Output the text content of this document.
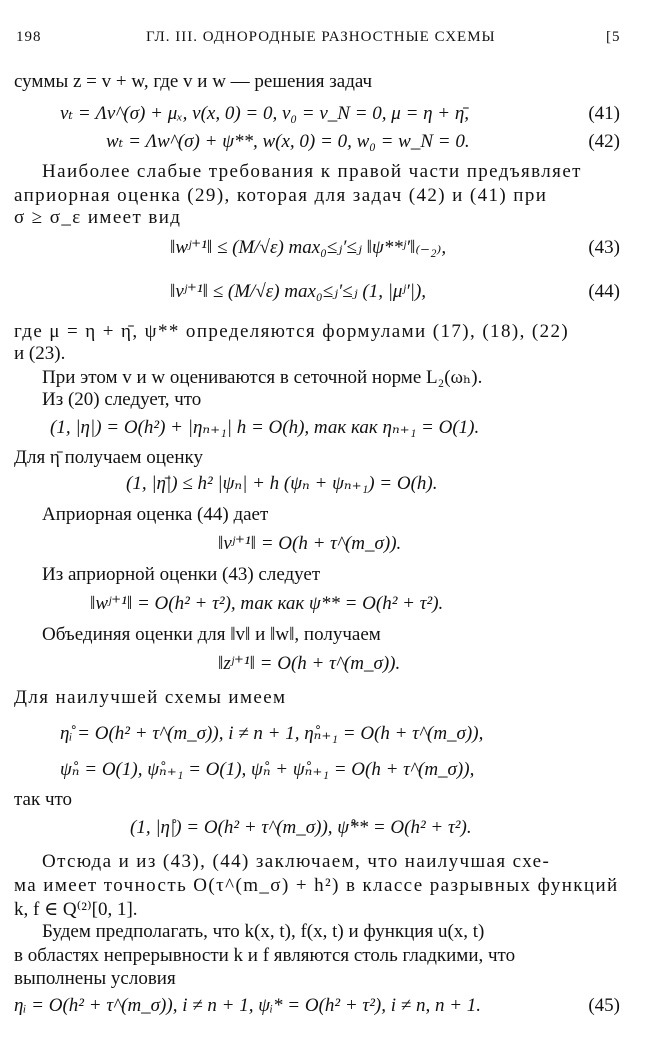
198	ГЛ. III. ОДНОРОДНЫЕ РАЗНОСТНЫЕ СХЕМЫ	[5
суммы z = v + w, где v и w — решения задач
vₜ = Λv^(σ) + μₓ, v(x, 0) = 0, v₀ = v_N = 0, μ = η + η̄,	(41)
wₜ = Λw^(σ) + ψ**, w(x, 0) = 0, w₀ = w_N = 0.	(42)
Наиболее слабые требования к правой части предъявляет
априорная оценка (29), которая для задач (42) и (41) при
σ ≥ σ_ε имеет вид
‖wʲ⁺¹‖ ≤ (M/√ε) max₀≤ⱼ′≤ⱼ ‖ψ**ʲ′‖₍₋₂₎,	(43)
‖vʲ⁺¹‖ ≤ (M/√ε) max₀≤ⱼ′≤ⱼ (1, |μʲ′|),	(44)
где μ = η + η̄, ψ** определяются формулами (17), (18), (22)
и (23).
При этом v и w оцениваются в сеточной норме L₂(ωₕ).
Из (20) следует, что
(1, |η|) = O(h²) + |ηₙ₊₁| h = O(h), так как ηₙ₊₁ = O(1).
Для η̄ получаем оценку
(1, |η̄|) ≤ h² |ψₙ| + h (ψₙ + ψₙ₊₁) = O(h).
Априорная оценка (44) дает
‖vʲ⁺¹‖ = O(h + τ^(m_σ)).
Из априорной оценки (43) следует
‖wʲ⁺¹‖ = O(h² + τ²), так как ψ** = O(h² + τ²).
Объединяя оценки для ‖v‖ и ‖w‖, получаем
‖zʲ⁺¹‖ = O(h + τ^(m_σ)).
Для наилучшей схемы имеем
η̊ᵢ = O(h² + τ^(m_σ)), i ≠ n + 1, η̊ₙ₊₁ = O(h + τ^(m_σ)),
ψ̊ₙ = O(1), ψ̊ₙ₊₁ = O(1), ψ̊ₙ + ψ̊ₙ₊₁ = O(h + τ^(m_σ)),
так что
(1, |η̊|) = O(h² + τ^(m_σ)), ψ̊** = O(h² + τ²).
Отсюда и из (43), (44) заключаем, что наилучшая схе-
ма имеет точность O(τ^(m_σ) + h²) в классе разрывных функций
k, f ∈ Q⁽²⁾[0, 1].
Будем предполагать, что k(x, t), f(x, t) и функция u(x, t)
в областях непрерывности k и f являются столь гладкими, что
выполнены условия
ηᵢ = O(h² + τ^(m_σ)), i ≠ n + 1, ψᵢ* = O(h² + τ²), i ≠ n, n + 1.	(45)
